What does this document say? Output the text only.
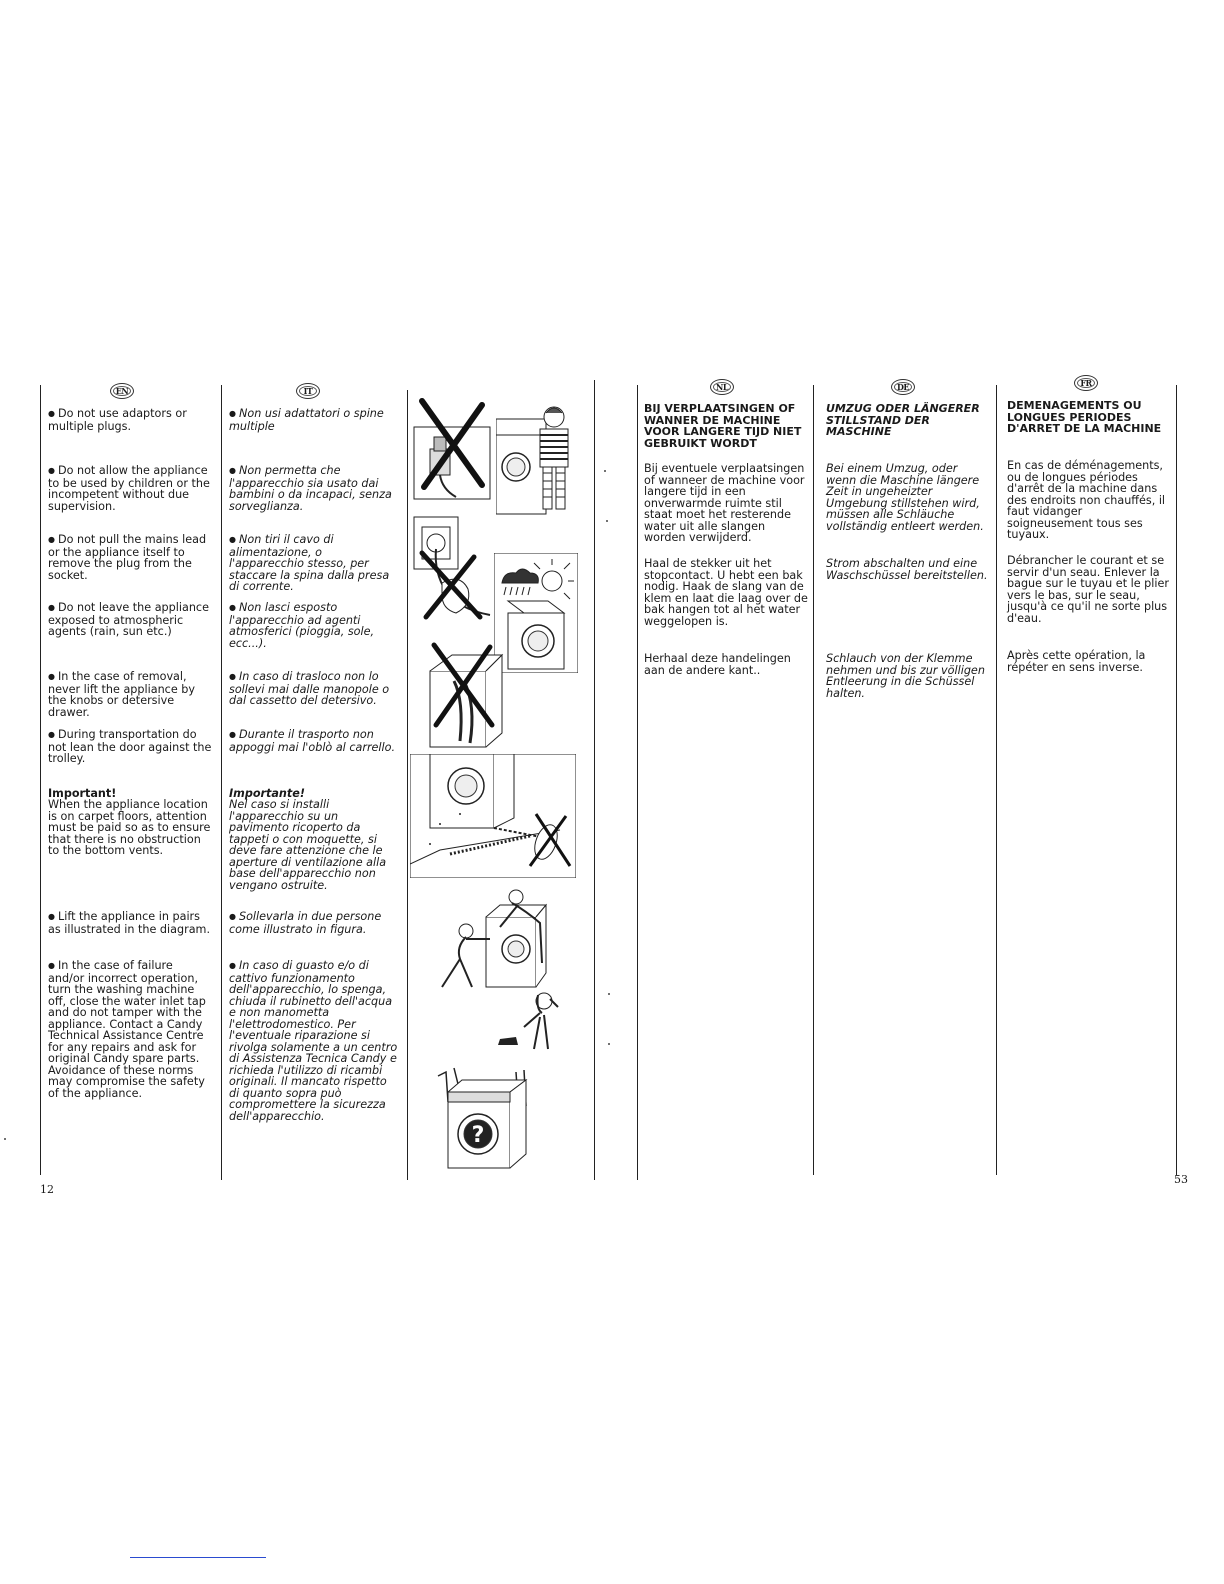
EN

● Do not use adaptors or multiple plugs.

● Do not allow the appliance to be used by children or the incompetent without due supervision.

● Do not pull the mains lead or the appliance itself to remove the plug from the socket.

● Do not leave the appliance exposed to atmospheric agents (rain, sun etc.)

● In the case of removal, never lift the appliance by the knobs or detersive drawer.

● During transportation do not lean the door against the trolley.

Important!

When the appliance location is on carpet floors, attention must be paid so as to ensure that there is no obstruction to the bottom vents.

● Lift the appliance in pairs as illustrated in the diagram.

● In the case of failure and/or incorrect operation, turn the washing machine off, close the water inlet tap and do not tamper with the appliance. Contact a Candy Technical Assistance Centre for any repairs and ask for original Candy spare parts. Avoidance of these norms may compromise the safety of the appliance.

IT

● Non usi adattatori o spine multiple

● Non permetta che l'apparecchio sia usato dai bambini o da incapaci, senza sorveglianza.

● Non tiri il cavo di alimentazione, o l'apparecchio stesso, per staccare la spina dalla presa di corrente.

● Non lasci esposto l'apparecchio ad agenti atmosferici (pioggia, sole, ecc...).

● In caso di trasloco non lo sollevi mai dalle manopole o dal cassetto del detersivo.

● Durante il trasporto non appoggi mai l'oblò al carrello.

Importante!

Nel caso si installi l'apparecchio su un pavimento ricoperto da tappeti o con moquette, si deve fare attenzione che le aperture di ventilazione alla base dell'apparecchio non vengano ostruite.

● Sollevarla in due persone come illustrato in figura.

● In caso di guasto e/o di cattivo funzionamento dell'apparecchio, lo spenga, chiuda il rubinetto dell'acqua e non manometta l'elettrodomestico. Per l'eventuale riparazione si rivolga solamente a un centro di Assistenza Tecnica Candy e richieda l'utilizzo di ricambi originali. Il mancato rispetto di quanto sopra può compromettere la sicurezza dell'apparecchio.

?
NL

BIJ VERPLAATSINGEN OF WANNER DE MACHINE VOOR LANGERE TIJD NIET GEBRUIKT WORDT

Bij eventuele verplaatsingen of wanneer de machine voor langere tijd in een onverwarmde ruimte stil staat moet het resterende water uit alle slangen worden verwijderd.

Haal de stekker uit het stopcontact. U hebt een bak nodig. Haak de slang van de klem en laat die laag over de bak hangen tot al het water weggelopen is.

Herhaal deze handelingen aan de andere kant..

DE

UMZUG ODER LÄNGERER STILLSTAND DER MASCHINE

Bei einem Umzug, oder wenn die Maschine längere Zeit in ungeheizter Umgebung stillstehen wird, müssen alle Schläuche vollständig entleert werden.

Strom abschalten und eine Waschschüssel bereitstellen.

Schlauch von der Klemme nehmen und bis zur völligen Entleerung in die Schüssel halten.

FR

DEMENAGEMENTS OU LONGUES PERIODES D'ARRET DE LA MACHINE

En cas de déménagements, ou de longues périodes d'arrêt de la machine dans des endroits non chauffés, il faut vidanger soigneusement tous ses tuyaux.

Débrancher le courant et se servir d'un seau. Enlever la bague sur le tuyau et le plier vers le bas, sur le seau, jusqu'à ce qu'il ne sorte plus d'eau.

Après cette opération, la répéter en sens inverse.

12
53
